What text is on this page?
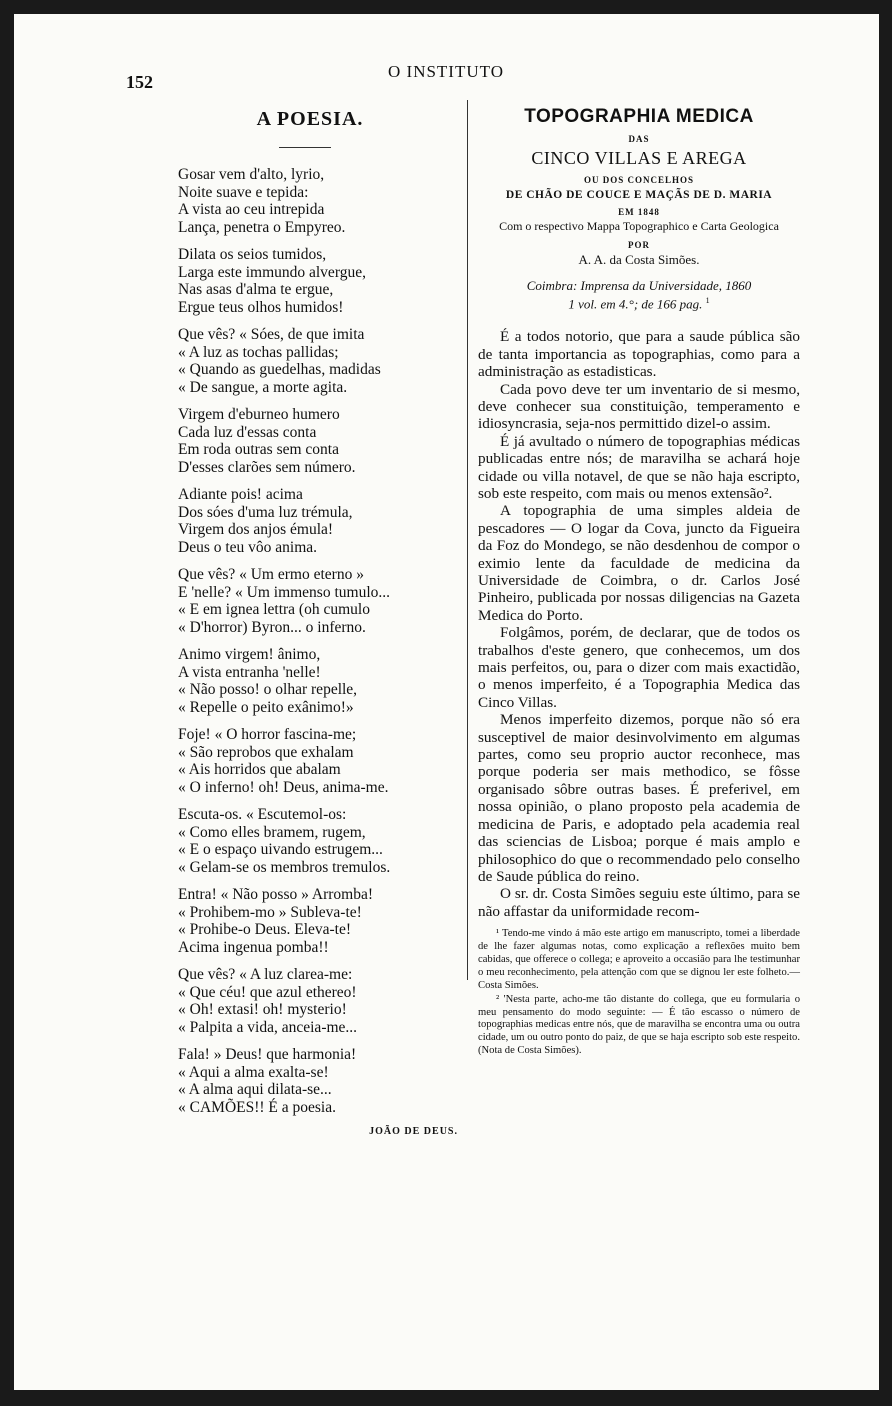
152
O INSTITUTO
A POESIA.
Gosar vem d'alto, lyrio,
Noite suave e tepida:
A vista ao ceu intrepida
Lança, penetra o Empyreo.
Dilata os seios tumidos,
Larga este immundo alvergue,
Nas asas d'alma te ergue,
Ergue teus olhos humidos!
Que vês? « Sóes, de que imita
« A luz as tochas pallidas;
« Quando as guedelhas, madidas
« De sangue, a morte agita.
Virgem d'eburneo humero
Cada luz d'essas conta
Em roda outras sem conta
D'esses clarões sem número.
Adiante pois! acima
Dos sóes d'uma luz trémula,
Virgem dos anjos émula!
Deus o teu vôo anima.
Que vês? « Um ermo eterno »
E 'nelle? « Um immenso tumulo...
« E em ignea lettra (oh cumulo
« D'horror) Byron... o inferno.
Animo virgem! ânimo,
A vista entranha 'nelle!
« Não posso! o olhar repelle,
« Repelle o peito exânimo!»
Foje! « O horror fascina-me;
« São reprobos que exhalam
« Ais horridos que abalam
« O inferno! oh! Deus, anima-me.
Escuta-os. « Escutemol-os:
« Como elles bramem, rugem,
« E o espaço uivando estrugem...
« Gelam-se os membros tremulos.
Entra! « Não posso » Arromba!
« Prohibem-mo » Subleva-te!
« Prohibe-o Deus. Eleva-te!
Acima ingenua pomba!!
Que vês? « A luz clarea-me:
« Que céu! que azul ethereo!
« Oh! extasi! oh! mysterio!
« Palpita a vida, anceia-me...
Fala! » Deus! que harmonia!
« Aqui a alma exalta-se!
« A alma aqui dilata-se...
« CAMÕES!! É a poesia.
JOÃO DE DEUS.
TOPOGRAPHIA MEDICA
DAS
CINCO VILLAS E AREGA
OU DOS CONCELHOS
DE CHÃO DE COUCE E MAÇÃS DE D. MARIA
EM 1848
Com o respectivo Mappa Topographico e Carta Geologica
POR
A. A. da Costa Simões.
Coimbra: Imprensa da Universidade, 1860
1 vol. em 4.°; de 166 pag. $^1$

É a todos notorio, que para a saude pública são de tanta importancia as topographias, como para a administração as estadisticas.

Cada povo deve ter um inventario de si mesmo, deve conhecer sua constituição, temperamento e idiosyncrasia, seja-nos permittido dizel-o assim.

É já avultado o número de topographias médicas publicadas entre nós; de maravilha se achará hoje cidade ou villa notavel, de que se não haja escripto, sob este respeito, com mais ou menos extensão².

A topographia de uma simples aldeia de pescadores — O logar da Cova, juncto da Figueira da Foz do Mondego, se não desdenhou de compor o eximio lente da faculdade de medicina da Universidade de Coimbra, o dr. Carlos José Pinheiro, publicada por nossas diligencias na Gazeta Medica do Porto.

Folgâmos, porém, de declarar, que de todos os trabalhos d'este genero, que conhecemos, um dos mais perfeitos, ou, para o dizer com mais exactidão, o menos imperfeito, é a Topographia Medica das Cinco Villas.

Menos imperfeito dizemos, porque não só era susceptivel de maior desinvolvimento em algumas partes, como seu proprio auctor reconhece, mas porque poderia ser mais methodico, se fôsse organisado sôbre outras bases. É preferivel, em nossa opinião, o plano proposto pela academia de medicina de Paris, e adoptado pela academia real das sciencias de Lisboa; porque é mais amplo e philosophico do que o recommendado pelo conselho de Saude pública do reino.

O sr. dr. Costa Simões seguiu este último, para se não affastar da uniformidade recom-

¹ Tendo-me vindo á mão este artigo em manuscripto, tomei a liberdade de lhe fazer algumas notas, como explicação a reflexões muito bem cabidas, que offerece o collega; e aproveito a occasião para lhe testimunhar o meu reconhecimento, pela attenção com que se dignou ler este folheto.—Costa Simões.

² 'Nesta parte, acho-me tão distante do collega, que eu formularia o meu pensamento do modo seguinte: — É tão escasso o número de topographias medicas entre nós, que de maravilha se encontra uma ou outra cidade, um ou outro ponto do paiz, de que se haja escripto sob este respeito. (Nota de Costa Simões).
